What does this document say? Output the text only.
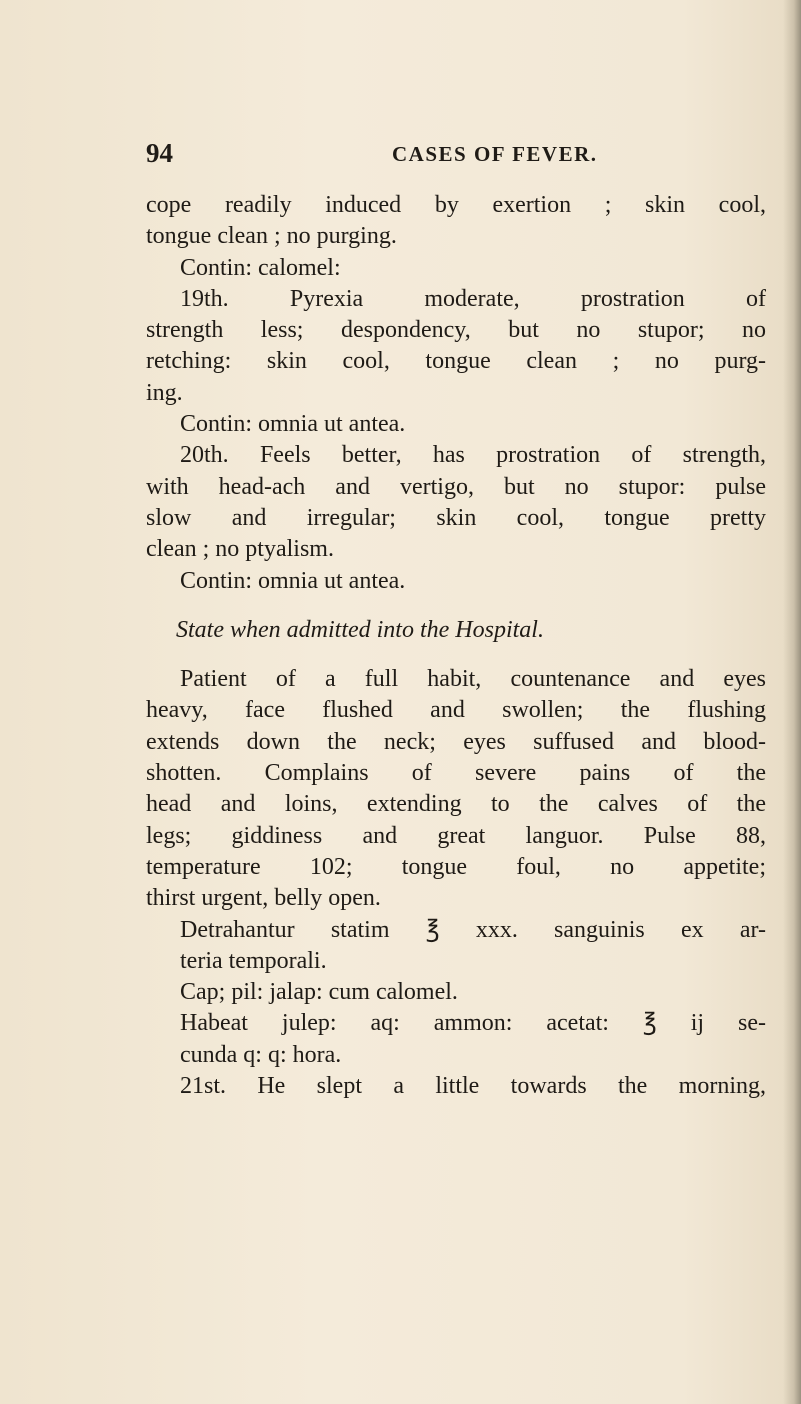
94	CASES OF FEVER.
cope readily induced by exertion ; skin cool,
tongue clean ; no purging.
Contin: calomel:
19th. Pyrexia moderate, prostration of
strength less; despondency, but no stupor; no
retching: skin cool, tongue clean ; no purg-
ing.
Contin: omnia ut antea.
20th. Feels better, has prostration of strength,
with head-ach and vertigo, but no stupor: pulse
slow and irregular; skin cool, tongue pretty
clean ; no ptyalism.
Contin: omnia ut antea.
State when admitted into the Hospital.
Patient of a full habit, countenance and eyes
heavy, face flushed and swollen; the flushing
extends down the neck; eyes suffused and blood-
shotten. Complains of severe pains of the
head and loins, extending to the calves of the
legs; giddiness and great languor. Pulse 88,
temperature 102; tongue foul, no appetite;
thirst urgent, belly open.
Detrahantur statim ℥ xxx. sanguinis ex ar-
teria temporali.
Cap; pil: jalap: cum calomel.
Habeat julep: aq: ammon: acetat: ℥ ij se-
cunda q: q: hora.
21st. He slept a little towards the morning,
